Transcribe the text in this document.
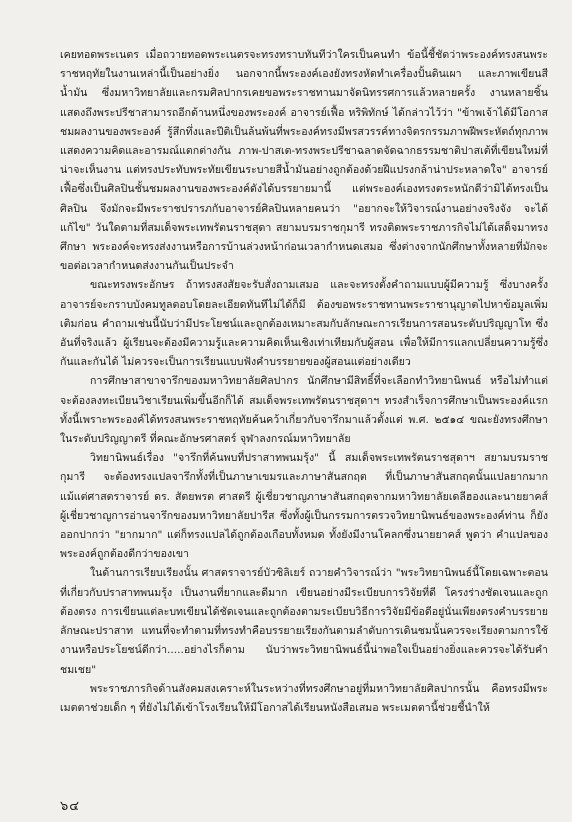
เคยทอดพระเนตร เมื่อถวายทอดพระเนตรจะทรงทราบทันทีว่าใครเป็นคนทำ ข้อนี้ชี้ชัดว่าพระองค์ทรงสนพระราชหฤทัยในงานเหล่านี้เป็นอย่างยิ่ง นอกจากนี้พระองค์เองยังทรงหัดทำเครื่องปั้นดินเผา และภาพเขียนสีน้ำมัน ซึ่งมหาวิทยาลัยและกรมศิลปากรเคยขอพระราชทานมาจัดนิทรรศการแล้วหลายครั้ง งานหลายชิ้นแสดงถึงพระปรีชาสามารถอีกด้านหนึ่งของพระองค์ อาจารย์เฟื้อ หริพิทักษ์ ได้กล่าวไว้ว่า "ข้าพเจ้าได้มีโอกาสชมผลงานของพระองค์ รู้สึกทึ่งและปีติเป็นล้นพ้นที่พระองค์ทรงมีพรสวรรค์ทางจิตรกรรมภาพฝีพระหัตถ์ทุกภาพแสดงความคิดและอารมณ์แตกต่างกัน ภาพ-ปาสเต-ทรงพระปรีชาฉลาดจัดฉากธรรมชาติปาสเต้ที่เขียนใหม่ที่น่าจะเห็นงาน แต่ทรงประทับพระทัยเขียนระบายสีน้ำมันอย่างถูกต้องด้วยฝีแปรงกล้าน่าประหลาดใจ" อาจารย์เฟื้อซึ่งเป็นศิลปินชั้นชมผลงานของพระองค์ดังได้บรรยายมานี้ แต่พระองค์เองทรงตระหนักดีว่ามิได้ทรงเป็นศิลปิน จึงมักจะมีพระราชปรารภกับอาจารย์ศิลปินหลายคนว่า "อยากจะให้วิจารณ์งานอย่างจริงจัง จะได้แก้ไข" วันใดตามที่สมเด็จพระเทพรัตนราชสุดา สยามบรมราชกุมารี ทรงติดพระราชภารกิจไม่ได้เสด็จมาทรงศึกษา พระองค์จะทรงส่งงานหรือการบ้านล่วงหน้าก่อนเวลากำหนดเสมอ ซึ่งต่างจากนักศึกษาทั้งหลายที่มักจะขอต่อเวลากำหนดส่งงานกันเป็นประจำ

ขณะทรงพระอักษร ถ้าทรงสงสัยจะรับสั่งถามเสมอ และจะทรงตั้งคำถามแบบผู้มีความรู้ ซึ่งบางครั้งอาจารย์จะกราบบังคมทูลตอบโดยละเอียดทันทีไม่ได้ก็มี ต้องขอพระราชทานพระราชานุญาตไปหาข้อมูลเพิ่มเติมก่อน คำถามเช่นนี้นับว่ามีประโยชน์และถูกต้องเหมาะสมกับลักษณะการเรียนการสอนระดับปริญญาโท ซึ่งอันที่จริงแล้ว ผู้เรียนจะต้องมีความรู้และความคิดเห็นเชิงเท่าเทียมกับผู้สอน เพื่อให้มีการแลกเปลี่ยนความรู้ซึ่งกันและกันได้ ไม่ควรจะเป็นการเรียนแบบฟังคำบรรยายของผู้สอนแต่อย่างเดียว

การศึกษาสาขาจารึกของมหาวิทยาลัยศิลปากร นักศึกษามีสิทธิ์ที่จะเลือกทำวิทยานิพนธ์ หรือไม่ทำแต่จะต้องลงทะเบียนวิชาเรียนเพิ่มขึ้นอีกก็ได้ สมเด็จพระเทพรัตนราชสุดาฯ ทรงสำเร็จการศึกษาเป็นพระองค์แรก ทั้งนี้เพราะพระองค์ได้ทรงสนพระราชหฤทัยค้นคว้าเกี่ยวกับจารึกมาแล้วตั้งแต่ พ.ศ. ๒๕๑๔ ขณะยังทรงศึกษาในระดับปริญญาตรี ที่คณะอักษรศาสตร์ จุฬาลงกรณ์มหาวิทยาลัย

วิทยานิพนธ์เรื่อง "จารึกที่ค้นพบที่ปราสาทพนมรุ้ง" นี้ สมเด็จพระเทพรัตนราชสุดาฯ สยามบรมราชกุมารี จะต้องทรงแปลจารึกทั้งที่เป็นภาษาเขมรและภาษาสันสกฤต ที่เป็นภาษาสันสกฤตนั้นแปลยากมาก แม้แต่ศาสตราจารย์ ดร. สัตยพรต ศาสตรี ผู้เชี่ยวชาญภาษาสันสกฤตจากมหาวิทยาลัยเดลีฮองและนายยาคส์ ผู้เชี่ยวชาญการอ่านจารึกของมหาวิทยาลัยปารีส ซึ่งทั้งผู้เป็นกรรมการตรวจวิทยานิพนธ์ของพระองค์ท่าน ก็ยังออกปากว่า "ยากมาก" แต่ก็ทรงแปลได้ถูกต้องเกือบทั้งหมด ทั้งยังมีงานโคลกซึ่งนายยาคส์ พูดว่า คำแปลของพระองค์ถูกต้องดีกว่าของเขา

ในด้านการเรียบเรียงนั้น ศาสตราจารย์บัวซิลิเยร์ ถวายคำวิจารณ์ว่า "พระวิทยานิพนธ์นี้โดยเฉพาะตอนที่เกี่ยวกับปราสาทพนมรุ้ง เป็นงานที่ยากและดีมาก เขียนอย่างมีระเบียบการวิจัยที่ดี โครงร่างชัดเจนและถูกต้องตรง การเขียนแต่ละบทเขียนได้ชัดเจนและถูกต้องตามระเบียบวิธีการวิจัยมีข้อดีอยู่นั่นเพียงตรงคำบรรยายลักษณะปราสาท แทนที่จะทำตามที่ทรงทำคือบรรยายเรียงกันตามลำดับการเดินชมนั้นควรจะเรียงตามการใช้งานหรือประโยชน์ดีกว่า.....อย่างไรก็ตาม นับว่าพระวิทยานิพนธ์นี้น่าพอใจเป็นอย่างยิ่งและควรจะได้รับคำชมเชย"

พระราชภารกิจด้านสังคมสงเคราะห์ในระหว่างที่ทรงศึกษาอยู่ที่มหาวิทยาลัยศิลปากรนั้น คือทรงมีพระเมตตาช่วยเด็ก ๆ ที่ยังไม่ได้เข้าโรงเรียนให้มีโอกาสได้เรียนหนังสือเสมอ พระเมตตานี้ช่วยชี้นำให้

๖๔
